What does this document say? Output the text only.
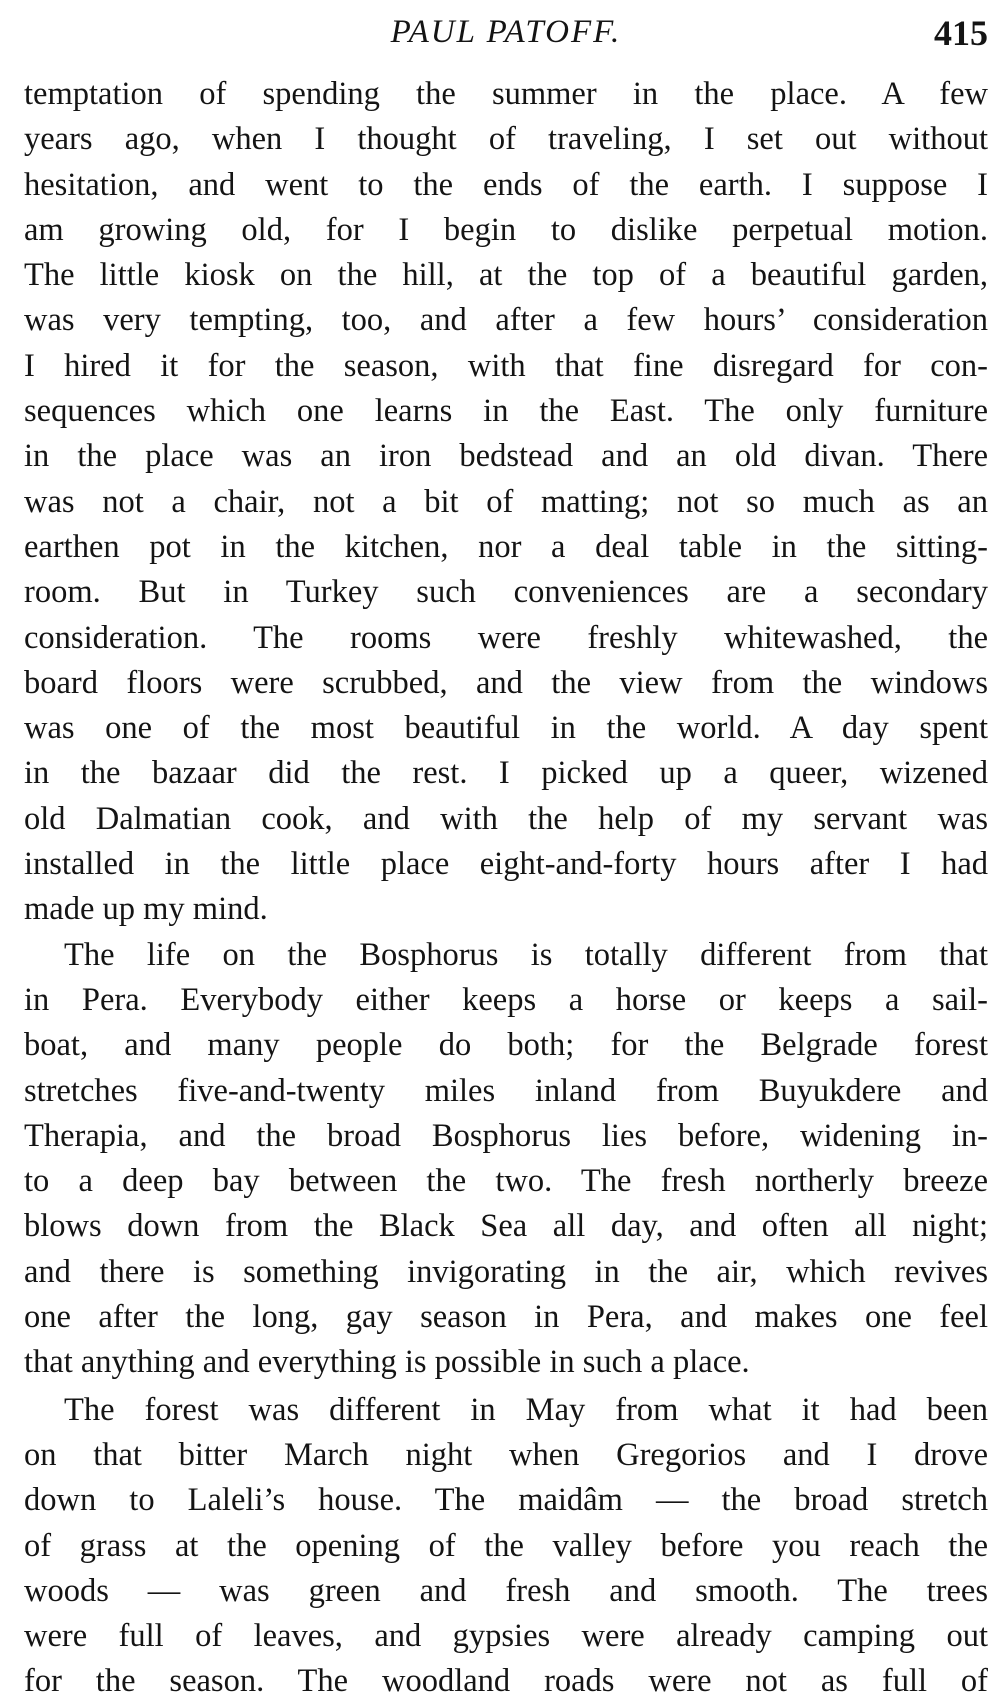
PAUL PATOFF.	415
temptation of spending the summer in the place. A few
years ago, when I thought of traveling, I set out without
hesitation, and went to the ends of the earth. I suppose I
am growing old, for I begin to dislike perpetual motion.
The little kiosk on the hill, at the top of a beautiful garden,
was very tempting, too, and after a few hours’ consideration
I hired it for the season, with that fine disregard for con-
sequences which one learns in the East. The only furniture
in the place was an iron bedstead and an old divan. There
was not a chair, not a bit of matting; not so much as an
earthen pot in the kitchen, nor a deal table in the sitting-
room. But in Turkey such conveniences are a secondary
consideration. The rooms were freshly whitewashed, the
board floors were scrubbed, and the view from the windows
was one of the most beautiful in the world. A day spent
in the bazaar did the rest. I picked up a queer, wizened
old Dalmatian cook, and with the help of my servant was
installed in the little place eight-and-forty hours after I had
made up my mind.
The life on the Bosphorus is totally different from that
in Pera. Everybody either keeps a horse or keeps a sail-
boat, and many people do both; for the Belgrade forest
stretches five-and-twenty miles inland from Buyukdere and
Therapia, and the broad Bosphorus lies before, widening in-
to a deep bay between the two. The fresh northerly breeze
blows down from the Black Sea all day, and often all night;
and there is something invigorating in the air, which revives
one after the long, gay season in Pera, and makes one feel
that anything and everything is possible in such a place.
The forest was different in May from what it had been
on that bitter March night when Gregorios and I drove
down to Laleli’s house. The maidâm — the broad stretch
of grass at the opening of the valley before you reach the
woods — was green and fresh and smooth. The trees
were full of leaves, and gypsies were already camping out
for the season. The woodland roads were not as full of
